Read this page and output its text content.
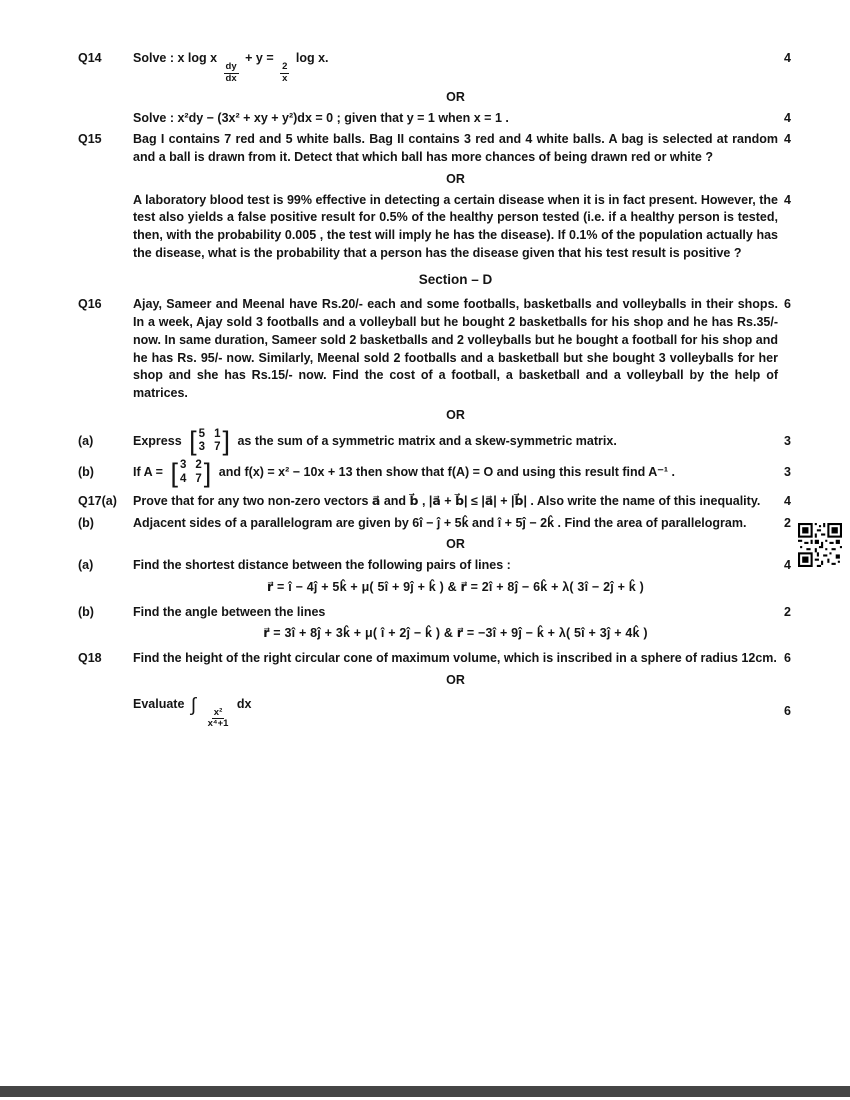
Q14	Solve : x log x
$\frac{dy}{dx}$
+ y =
$\frac{2}{x}$
log x.	4
OR
Solve : x²dy − (3x² + xy + y²)dx = 0 ; given that y = 1 when x = 1 .	4
Q15	Bag I contains 7 red and 5 white balls. Bag II contains 3 red and 4 white balls. A bag is selected at random and a ball is drawn from it. Detect that which ball has more chances of being drawn red or white ?
4
OR
A laboratory blood test is 99% effective in detecting a certain disease when it is in fact present. However, the test also yields a false positive result for 0.5% of the healthy person tested (i.e. if a healthy person is tested, then, with the probability 0.005 , the test will imply he has the disease). If 0.1% of the population actually has the disease, what is the probability that a person has the disease given that his test result is positive ?
4
Section – D
Q16	Ajay, Sameer and Meenal have Rs.20/- each and some footballs, basketballs and volleyballs in their shops. In a week, Ajay sold 3 footballs and a volleyball but he bought 2 basketballs for his shop and he has Rs.35/- now. In same duration, Sameer sold 2 basketballs and 2 volleyballs but he bought a football for his shop and he has Rs. 95/- now. Similarly, Meenal sold 2 footballs and a basketball but she bought 3 volleyballs for her shop and she has Rs.15/- now. Find the cost of a football, a basketball and a volleyball by the help of matrices.
6
OR
(a)	Express [ 5 1
3 7 ] as the sum of a symmetric matrix and a skew-symmetric matrix.	3
(b)	If A = [ 3 2
4 7 ] and f(x) = x² − 10x + 13 then show that f(A) = O and using this result find A⁻¹ .	3
Q17(a)	Prove that for any two non-zero vectors a⃗ and b⃗ , |a⃗ + b⃗| ≤ |a⃗| + |b⃗| . Also write the name of this inequality.	4
(b)	Adjacent sides of a parallelogram are given by 6î − ĵ + 5k̂ and î + 5ĵ − 2k̂ . Find the area of parallelogram.	2
OR
(a)	Find the shortest distance between the following pairs of lines :	4
r⃗ = î − 4ĵ + 5k̂ + μ( 5î + 9ĵ + k̂ ) & r⃗ = 2î + 8ĵ − 6k̂ + λ( 3î − 2ĵ + k̂ )
(b)	Find the angle between the lines	2
r⃗ = 3î + 8ĵ + 3k̂ + μ( î + 2ĵ − k̂ ) & r⃗ = −3î + 9ĵ − k̂ + λ( 5î + 3ĵ + 4k̂ )
Q18	Find the height of the right circular cone of maximum volume, which is inscribed in a sphere of radius 12cm. 6
OR
Evaluate ∫
$\frac{\text{x²}}{\text{x⁴+1}}$
dx
6
